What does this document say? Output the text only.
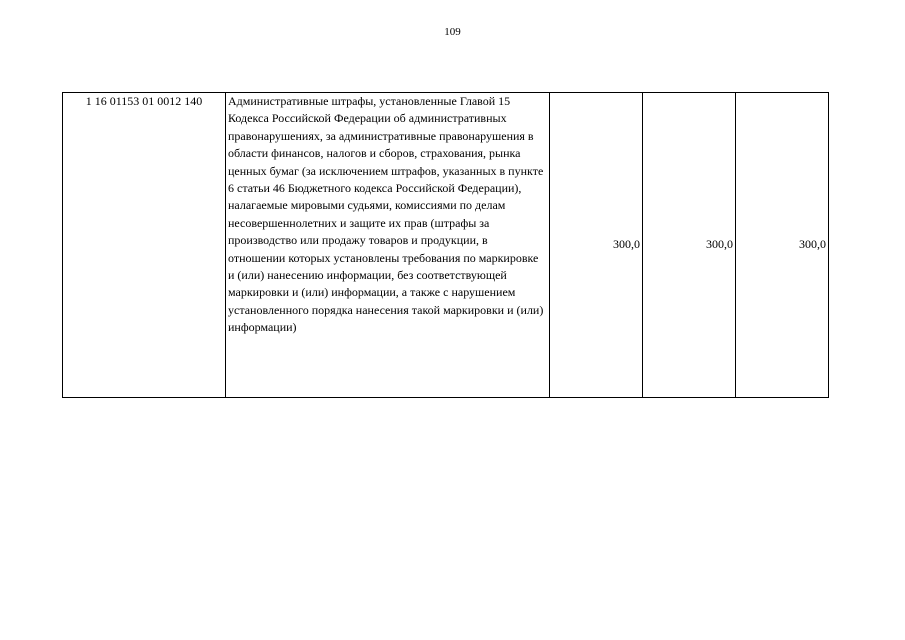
109
1 16 01153 01 0012 140	Административные штрафы, установленные Главой 15 Кодекса Российской Федерации об административных правонарушениях, за административные правонарушения в области финансов, налогов и сборов, страхования, рынка ценных бумаг (за исключением штрафов, указанных в пункте 6 статьи 46 Бюджетного кодекса Российской Федерации), налагаемые мировыми судьями, комиссиями по делам несовершеннолетних и защите их прав (штрафы за производство или продажу товаров и продукции, в отношении которых установлены требования по маркировке и (или) нанесению информации, без соответствующей маркировки и (или) информации, а также с нарушением установленного порядка нанесения такой маркировки и (или) информации)	300,0	300,0	300,0
